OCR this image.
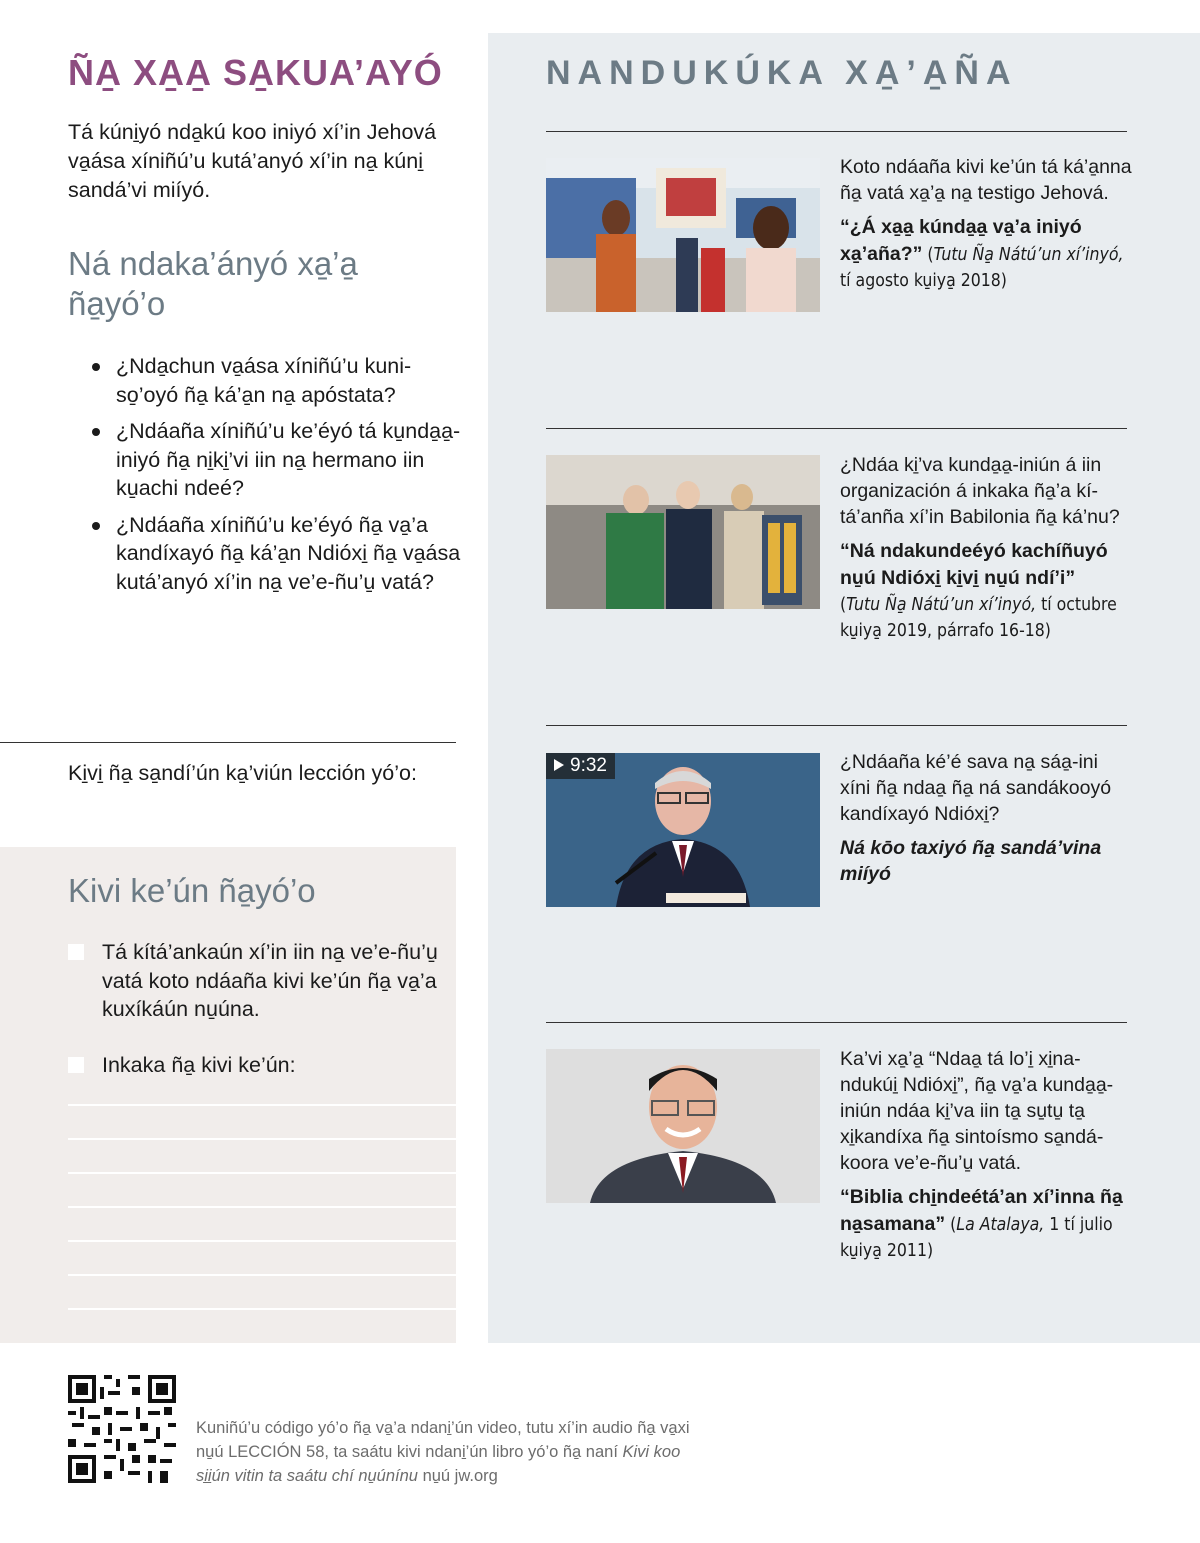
ÑA̱ XA̱A̱ SA̱KUA’AYÓ

Tá kúni̱yó nda̱kú koo iniyó xí’in Jehová va̱ása xíniñú’u kutá’anyó xí’in na̱ kúni̱ sandá’vi miíyó.

Ná ndaka’ányó xa̱’a̱ ña̱yó’o
¿Nda̱chun va̱ása xíniñú’u kuni-so̱’oyó ña̱ ká’a̱n na̱ apóstata?
¿Ndáaña xíniñú’u ke’éyó tá ku̱nda̱a̱-iniyó ña̱ ni̱ki̱’vi iin na̱ hermano iin ku̱achi ndeé?
¿Ndáaña xíniñú’u ke’éyó ña̱ va̱’a kandíxayó ña̱ ká’a̱n Ndióxi̱ ña̱ va̱ása kutá’anyó xí’in na̱ ve’e-ñu’u̱ vatá?
Ki̱vi̱ ña̱ sa̱ndí’ún ka̱’viún lección yó’o:
Kivi ke’ún ña̱yó’o
Tá kítá’ankaún xí’in iin na̱ ve’e-ñu’u̱ vatá koto ndáaña kivi ke’ún ña̱ va̱’a kuxíkáún nu̱úna.
Inkaka ña̱ kivi ke’ún:
NANDUKÚKA XA̱’A̱ÑA

Koto ndáaña kivi ke’ún tá ká’a̱nna ña̱ vatá xa̱’a̱ na̱ testigo Jehová.

“¿Á xa̱a̱ kúnda̱a̱ va̱’a iniyó xa̱’aña?” (Tutu Ña̱ Nátú’un xí’inyó, tí agosto ku̱iya̱ 2018)

¿Ndáa ki̱’va kunda̱a̱-iniún á iin organización á inkaka ña̱’a kí-tá’anña xí’in Babilonia ña̱ ká’nu?

“Ná ndakundeéyó kachíñuyó nu̱ú Ndióxi̱ ki̱vi̱ nu̱ú ndí’i”
(Tutu Ña̱ Nátú’un xí’inyó, tí octubre ku̱iya̱ 2019, párrafo 16-18)

9:32	¿Ndáaña ké’é sava na̱ sáa̱-ini xíni ña̱ ndaa̱ ña̱ ná sandákooyó kandíxayó Ndióxi̱?

Ná kōo taxiyó ña̱ sandá’vina miíyó

Ka’vi xa̱’a̱ “Ndaa̱ tá lo’i̱ xi̱na-ndukúi̱ Ndióxi̱”, ña̱ va̱’a kunda̱a̱-iniún ndáa ki̱’va iin ta̱ su̱tu̱ ta̱ xi̱kandíxa ña̱ sintoísmo sa̱ndá-koora ve’e-ñu’u̱ vatá.

“Biblia chi̱ndeétá’an xí’inna ña̱ na̱samana” (La Atalaya, 1 tí julio ku̱iya̱ 2011)

Kuniñú’u código yó’o ña̱ va̱’a ndani̱’ún video, tutu xí’in audio ña̱ va̱xi nu̱ú LECCIÓN 58, ta saátu kivi ndani̱’ún libro yó’o ña̱ naní Kivi koo si̱i̱ún vitin ta saátu chí nu̱únínu nu̱ú jw.org
